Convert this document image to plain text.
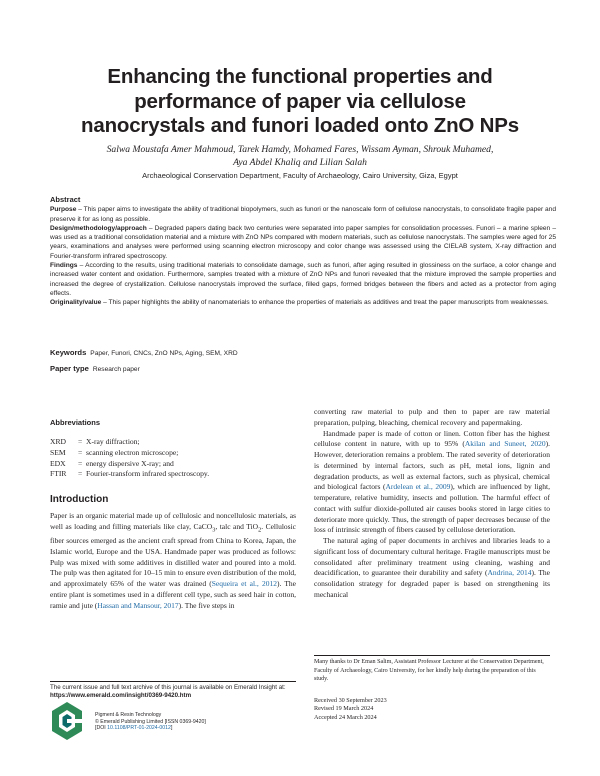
Enhancing the functional properties and
performance of paper via cellulose
nanocrystals and funori loaded onto ZnO NPs
Salwa Moustafa Amer Mahmoud, Tarek Hamdy, Mohamed Fares, Wissam Ayman, Shrouk Muhamed,
Aya Abdel Khaliq and Lilian Salah
Archaeological Conservation Department, Faculty of Archaeology, Cairo University, Giza, Egypt
Abstract

Purpose – This paper aims to investigate the ability of traditional biopolymers, such as funori or the nanoscale form of cellulose nanocrystals, to consolidate fragile paper and preserve it for as long as possible.

Design/methodology/approach – Degraded papers dating back two centuries were separated into paper samples for consolidation processes. Funori – a marine spleen – was used as a traditional consolidation material and a mixture with ZnO NPs compared with modern materials, such as cellulose nanocrystals. The samples were aged for 25 years, examinations and analyses were performed using scanning electron microscopy and color change was assessed using the CIELAB system, X-ray diffraction and Fourier-transform infrared spectroscopy.

Findings – According to the results, using traditional materials to consolidate damage, such as funori, after aging resulted in glossiness on the surface, a color change and increased water content and oxidation. Furthermore, samples treated with a mixture of ZnO NPs and funori revealed that the mixture improved the sample properties and increased the degree of crystallization. Cellulose nanocrystals improved the surface, filled gaps, formed bridges between the fibers and acted as a protector from aging effects.

Originality/value – This paper highlights the ability of nanomaterials to enhance the properties of materials as additives and treat the paper manuscripts from weaknesses.

Keywords Paper, Funori, CNCs, ZnO NPs, Aging, SEM, XRD
Paper type Research paper
Abbreviations
XRD	= X-ray diffraction;
SEM	= scanning electron microscope;
EDX	= energy dispersive X-ray; and
FTIR	= Fourier-transform infrared spectroscopy.
Introduction

Paper is an organic material made up of cellulosic and noncellulosic materials, as well as loading and filling materials like clay, CaCO$_3$, talc and TiO$_2$. Cellulosic fiber sources emerged as the ancient craft spread from China to Korea, Japan, the Islamic world, Europe and the USA. Handmade paper was produced as follows: Pulp was mixed with some additives in distilled water and poured into a mold. The pulp was then agitated for 10–15 min to ensure even distribution of the mold, and approximately 65% of the water was drained (Sequeira et al., 2012). The entire plant is sometimes used in a different cell type, such as seed hair in cotton, ramie and jute (Hassan and Mansour, 2017). The five steps in

converting raw material to pulp and then to paper are raw material preparation, pulping, bleaching, chemical recovery and papermaking.

Handmade paper is made of cotton or linen. Cotton fiber has the highest cellulose content in nature, with up to 95% (Akilan and Suneet, 2020). However, deterioration remains a problem. The rated severity of deterioration is determined by internal factors, such as pH, metal ions, lignin and degradation products, as well as external factors, such as physical, chemical and biological factors (Ardelean et al., 2009), which are influenced by light, temperature, relative humidity, insects and pollution. The harmful effect of contact with sulfur dioxide-polluted air causes books stored in large cities to deteriorate more quickly. Thus, the strength of paper decreases because of the loss of intrinsic strength of fibers caused by cellulose deterioration.

The natural aging of paper documents in archives and libraries leads to a significant loss of documentary cultural heritage. Fragile manuscripts must be consolidated after preliminary treatment using cleaning, washing and deacidification, to guarantee their durability and safety (Andrina, 2014). The consolidation strategy for degraded paper is based on strengthening its mechanical

The current issue and full text archive of this journal is available on Emerald Insight at: https://www.emerald.com/insight/0369-9420.htm
Pigment & Resin Technology
© Emerald Publishing Limited [ISSN 0369-9420]
[DOI 10.1108/PRT-01-2024-0012]
Many thanks to Dr Eman Salim, Assistant Professor Lecturer at the Conservation Department, Faculty of Archaeology, Cairo University, for her kindly help during the preparation of this study.
Received 30 September 2023
Revised 19 March 2024
Accepted 24 March 2024
